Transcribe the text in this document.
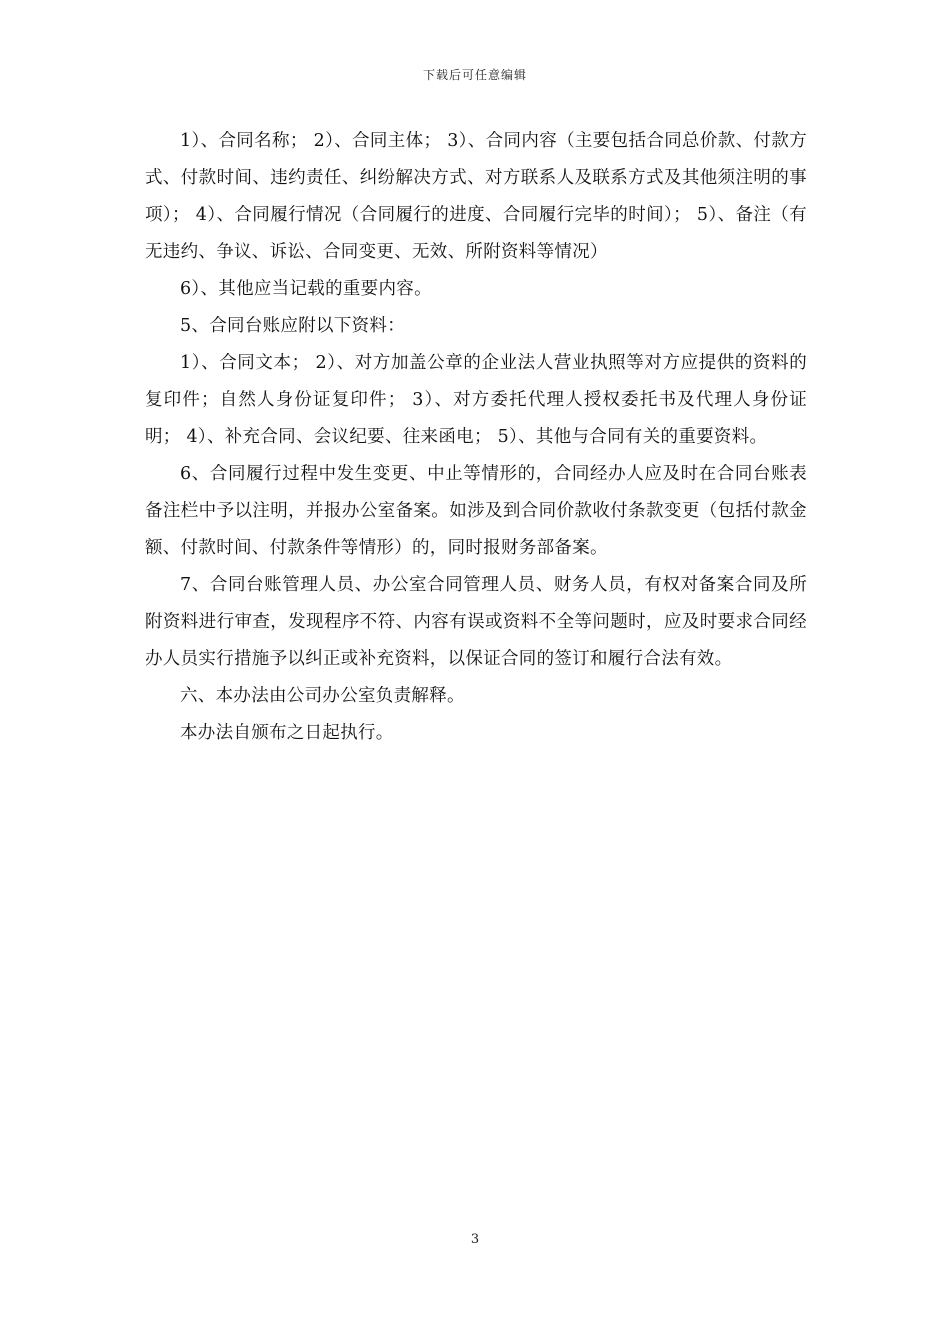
下载后可任意编辑

1）、合同名称； 2）、合同主体； 3）、合同内容（主要包括合同总价款、付款方式、付款时间、违约责任、纠纷解决方式、对方联系人及联系方式及其他须注明的事项）； 4）、合同履行情况（合同履行的进度、合同履行完毕的时间）； 5）、备注（有无违约、争议、诉讼、合同变更、无效、所附资料等情况）

6）、其他应当记载的重要内容。

5、合同台账应附以下资料：

1）、合同文本； 2）、对方加盖公章的企业法人营业执照等对方应提供的资料的复印件；自然人身份证复印件； 3）、对方委托代理人授权委托书及代理人身份证明； 4）、补充合同、会议纪要、往来函电； 5）、其他与合同有关的重要资料。

6、合同履行过程中发生变更、中止等情形的，合同经办人应及时在合同台账表备注栏中予以注明，并报办公室备案。如涉及到合同价款收付条款变更（包括付款金额、付款时间、付款条件等情形）的，同时报财务部备案。

7、合同台账管理人员、办公室合同管理人员、财务人员，有权对备案合同及所附资料进行审查，发现程序不符、内容有误或资料不全等问题时，应及时要求合同经办人员实行措施予以纠正或补充资料，以保证合同的签订和履行合法有效。

六、本办法由公司办公室负责解释。

本办法自颁布之日起执行。

3
